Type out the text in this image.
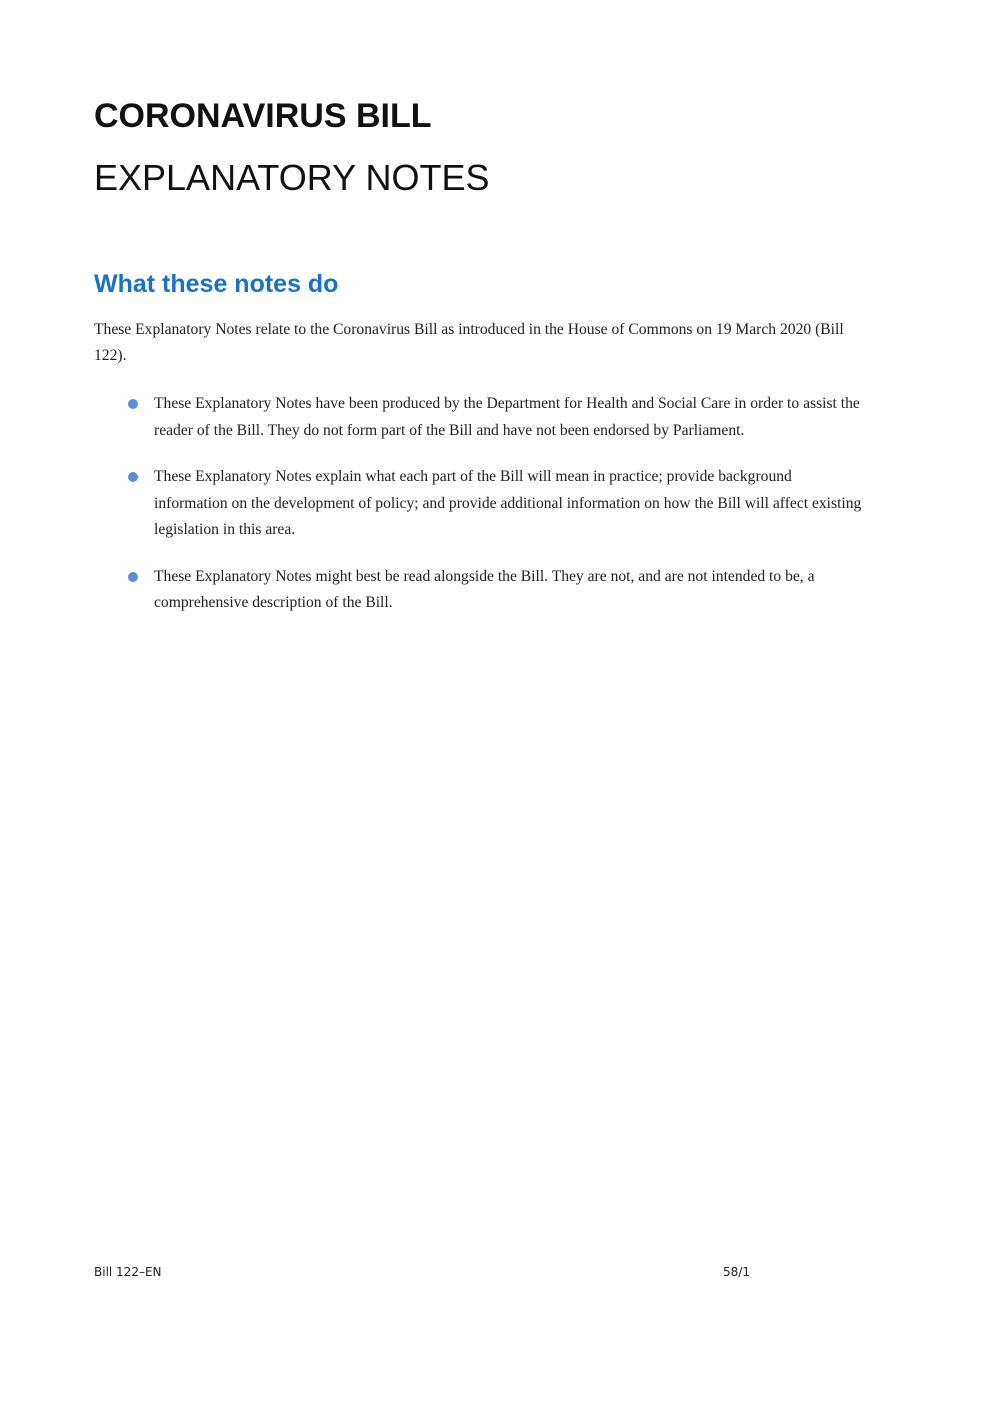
CORONAVIRUS BILL
EXPLANATORY NOTES
What these notes do

These Explanatory Notes relate to the Coronavirus Bill as introduced in the House of Commons on 19 March 2020 (Bill 122).

These Explanatory Notes have been produced by the Department for Health and Social Care in order to assist the reader of the Bill. They do not form part of the Bill and have not been endorsed by Parliament.
These Explanatory Notes explain what each part of the Bill will mean in practice; provide background information on the development of policy; and provide additional information on how the Bill will affect existing legislation in this area.
These Explanatory Notes might best be read alongside the Bill. They are not, and are not intended to be, a comprehensive description of the Bill.

Bill 122–EN	58/1
